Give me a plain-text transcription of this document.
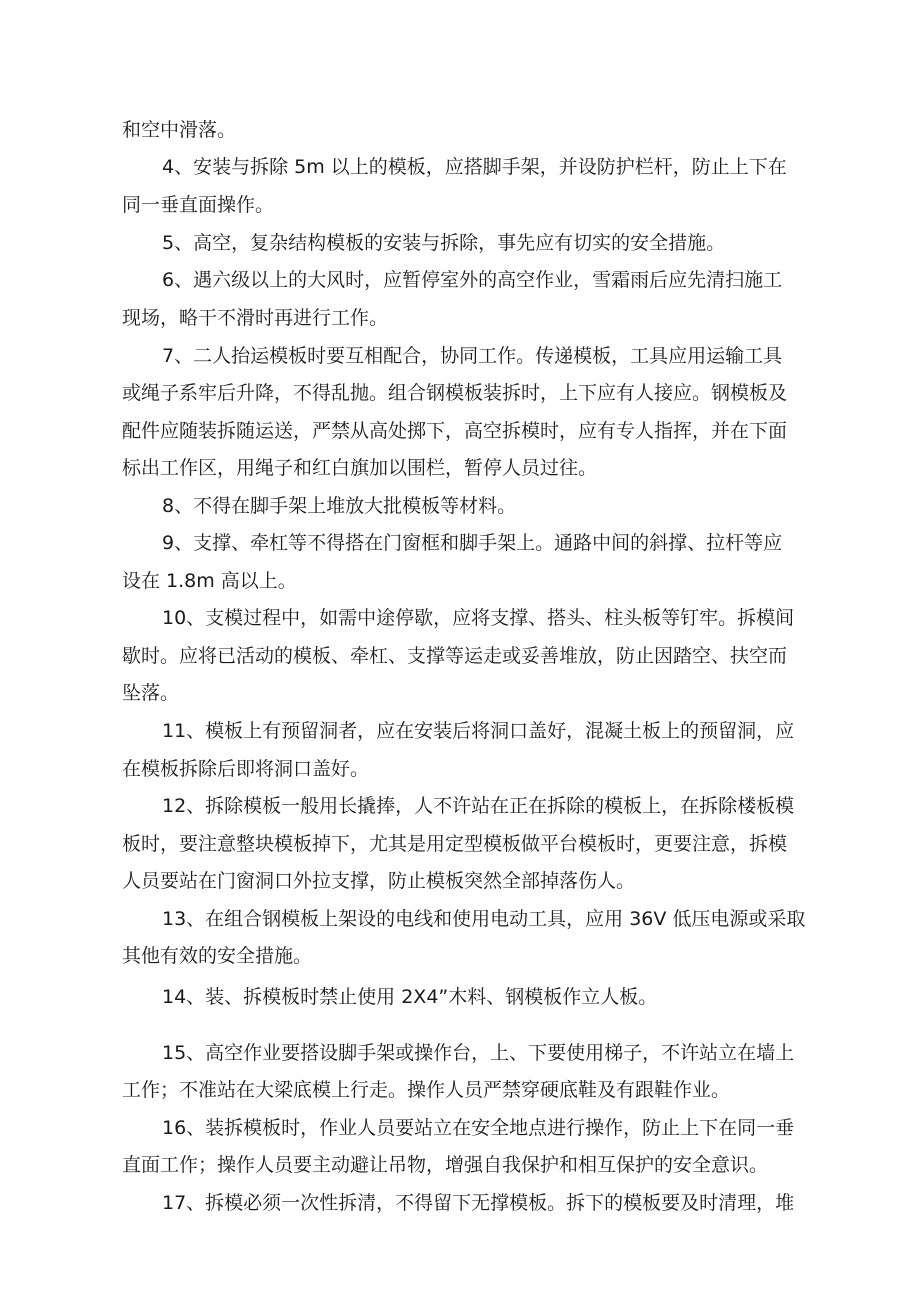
和空中滑落。
4、安装与拆除 5m 以上的模板，应搭脚手架，并设防护栏杆，防止上下在
同一垂直面操作。
5、高空，复杂结构模板的安装与拆除，事先应有切实的安全措施。
6、遇六级以上的大风时，应暂停室外的高空作业，雪霜雨后应先清扫施工
现场，略干不滑时再进行工作。
7、二人抬运模板时要互相配合，协同工作。传递模板，工具应用运输工具
或绳子系牢后升降，不得乱抛。组合钢模板装拆时，上下应有人接应。钢模板及
配件应随装拆随运送，严禁从高处掷下，高空拆模时，应有专人指挥，并在下面
标出工作区，用绳子和红白旗加以围栏，暂停人员过往。
8、不得在脚手架上堆放大批模板等材料。
9、支撑、牵杠等不得搭在门窗框和脚手架上。通路中间的斜撑、拉杆等应
设在 1.8m 高以上。
10、支模过程中，如需中途停歇，应将支撑、搭头、柱头板等钉牢。拆模间
歇时。应将已活动的模板、牵杠、支撑等运走或妥善堆放，防止因踏空、扶空而
坠落。
11、模板上有预留洞者，应在安装后将洞口盖好，混凝土板上的预留洞，应
在模板拆除后即将洞口盖好。
12、拆除模板一般用长撬捧，人不许站在正在拆除的模板上，在拆除楼板模
板时，要注意整块模板掉下，尤其是用定型模板做平台模板时，更要注意，拆模
人员要站在门窗洞口外拉支撑，防止模板突然全部掉落伤人。
13、在组合钢模板上架设的电线和使用电动工具，应用 36V 低压电源或采取
其他有效的安全措施。
14、装、拆模板时禁止使用 2X4”木料、钢模板作立人板。
15、高空作业要搭设脚手架或操作台，上、下要使用梯子，不许站立在墙上
工作；不准站在大梁底模上行走。操作人员严禁穿硬底鞋及有跟鞋作业。
16、装拆模板时，作业人员要站立在安全地点进行操作，防止上下在同一垂
直面工作；操作人员要主动避让吊物，增强自我保护和相互保护的安全意识。
17、拆模必须一次性拆清，不得留下无撑模板。拆下的模板要及时清理，堆
